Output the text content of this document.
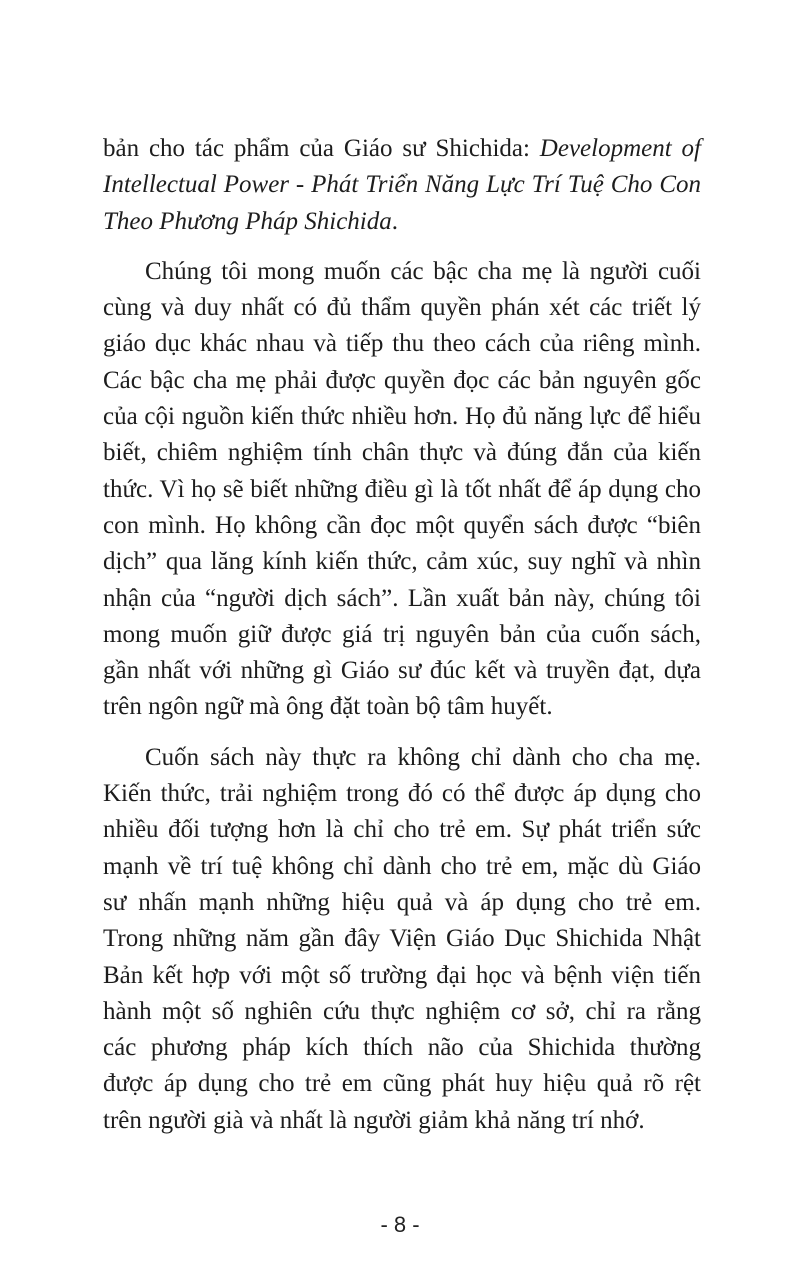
bản cho tác phẩm của Giáo sư Shichida: Development of
Intellectual Power - Phát Triển Năng Lực Trí Tuệ Cho Con
Theo Phương Pháp Shichida.
Chúng tôi mong muốn các bậc cha mẹ là người cuối
cùng và duy nhất có đủ thẩm quyền phán xét các triết lý
giáo dục khác nhau và tiếp thu theo cách của riêng mình.
Các bậc cha mẹ phải được quyền đọc các bản nguyên gốc
của cội nguồn kiến thức nhiều hơn. Họ đủ năng lực để hiểu
biết, chiêm nghiệm tính chân thực và đúng đắn của kiến
thức. Vì họ sẽ biết những điều gì là tốt nhất để áp dụng cho
con mình. Họ không cần đọc một quyển sách được “biên
dịch” qua lăng kính kiến thức, cảm xúc, suy nghĩ và nhìn
nhận của “người dịch sách”. Lần xuất bản này, chúng tôi
mong muốn giữ được giá trị nguyên bản của cuốn sách,
gần nhất với những gì Giáo sư đúc kết và truyền đạt, dựa
trên ngôn ngữ mà ông đặt toàn bộ tâm huyết.
Cuốn sách này thực ra không chỉ dành cho cha mẹ.
Kiến thức, trải nghiệm trong đó có thể được áp dụng cho
nhiều đối tượng hơn là chỉ cho trẻ em. Sự phát triển sức
mạnh về trí tuệ không chỉ dành cho trẻ em, mặc dù Giáo
sư nhấn mạnh những hiệu quả và áp dụng cho trẻ em.
Trong những năm gần đây Viện Giáo Dục Shichida Nhật
Bản kết hợp với một số trường đại học và bệnh viện tiến
hành một số nghiên cứu thực nghiệm cơ sở, chỉ ra rằng
các phương pháp kích thích não của Shichida thường
được áp dụng cho trẻ em cũng phát huy hiệu quả rõ rệt
trên người già và nhất là người giảm khả năng trí nhớ.
- 8 -
